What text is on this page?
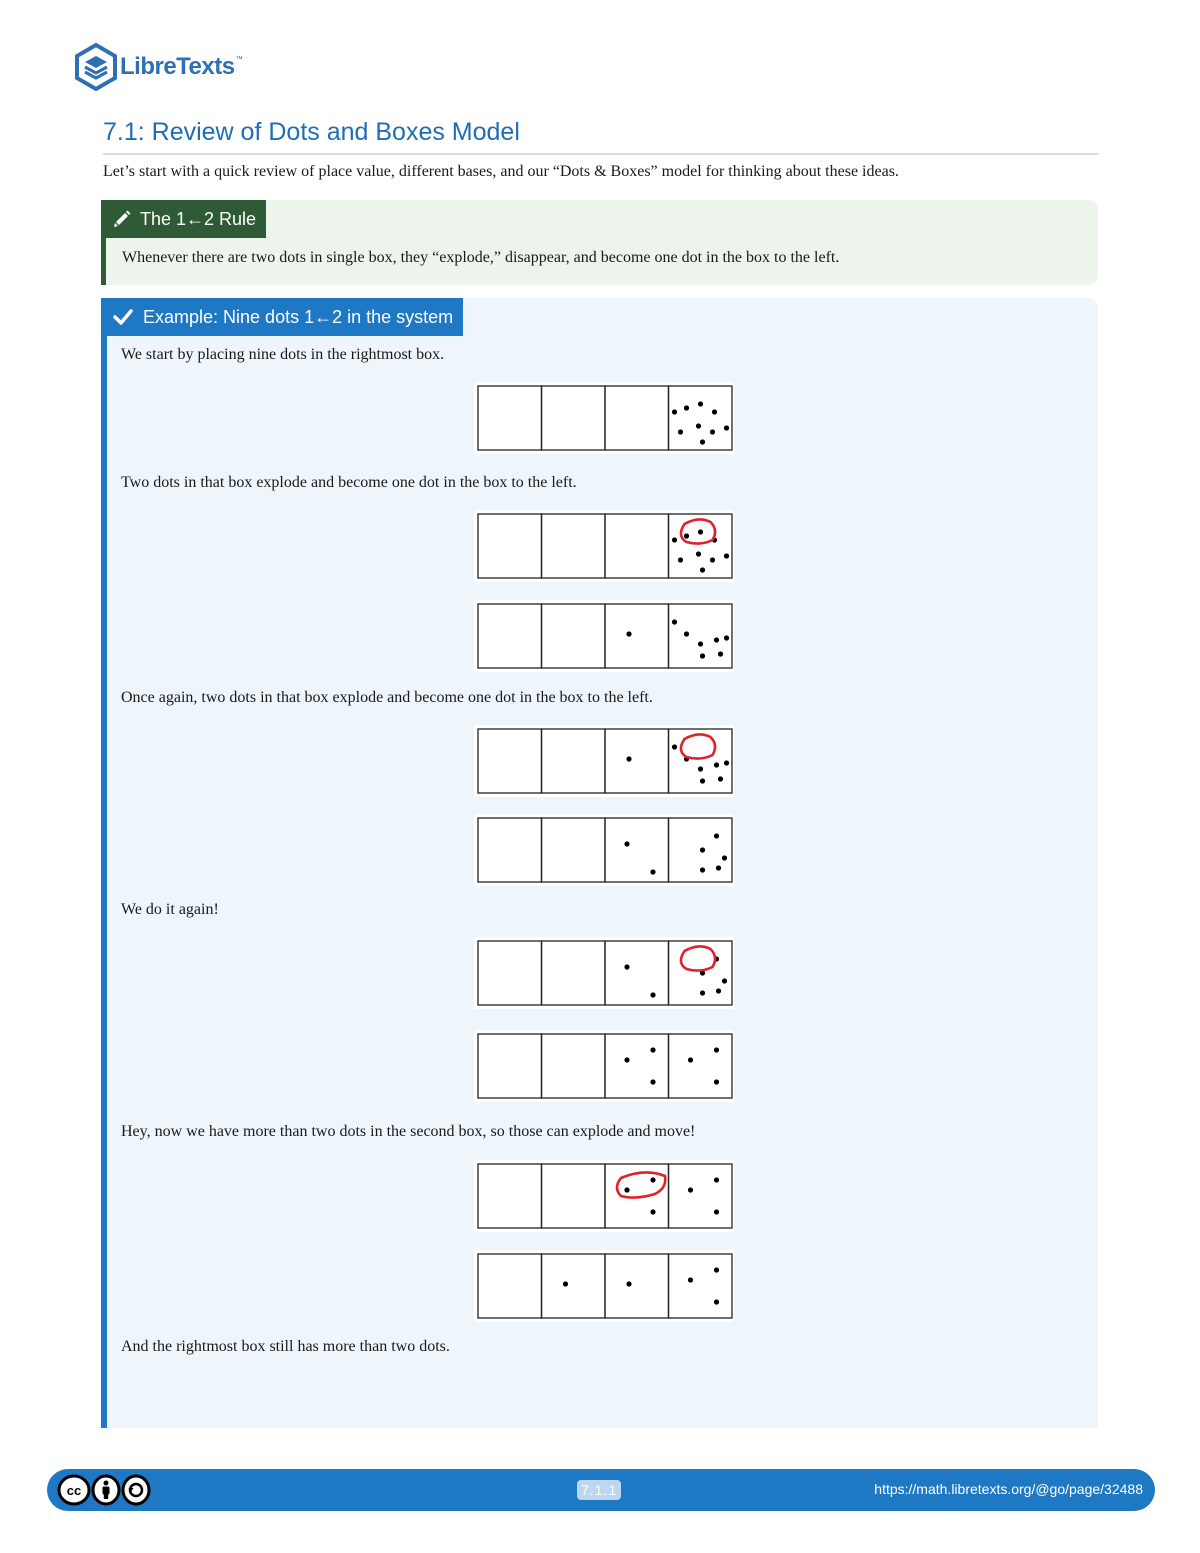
LibreTexts ™
7.1: Review of Dots and Boxes Model

Let’s start with a quick review of place value, different bases, and our “Dots & Boxes” model for thinking about these ideas.

The 1←2 Rule

Whenever there are two dots in single box, they “explode,” disappear, and become one dot in the box to the left.

Example: Nine dots 1←2 in the system

We start by placing nine dots in the rightmost box.

Two dots in that box explode and become one dot in the box to the left.

Once again, two dots in that box explode and become one dot in the box to the left.

We do it again!

Hey, now we have more than two dots in the second box, so those can explode and move!

And the rightmost box still has more than two dots.

cc	7.1.1	https://math.libretexts.org/@go/page/32488
